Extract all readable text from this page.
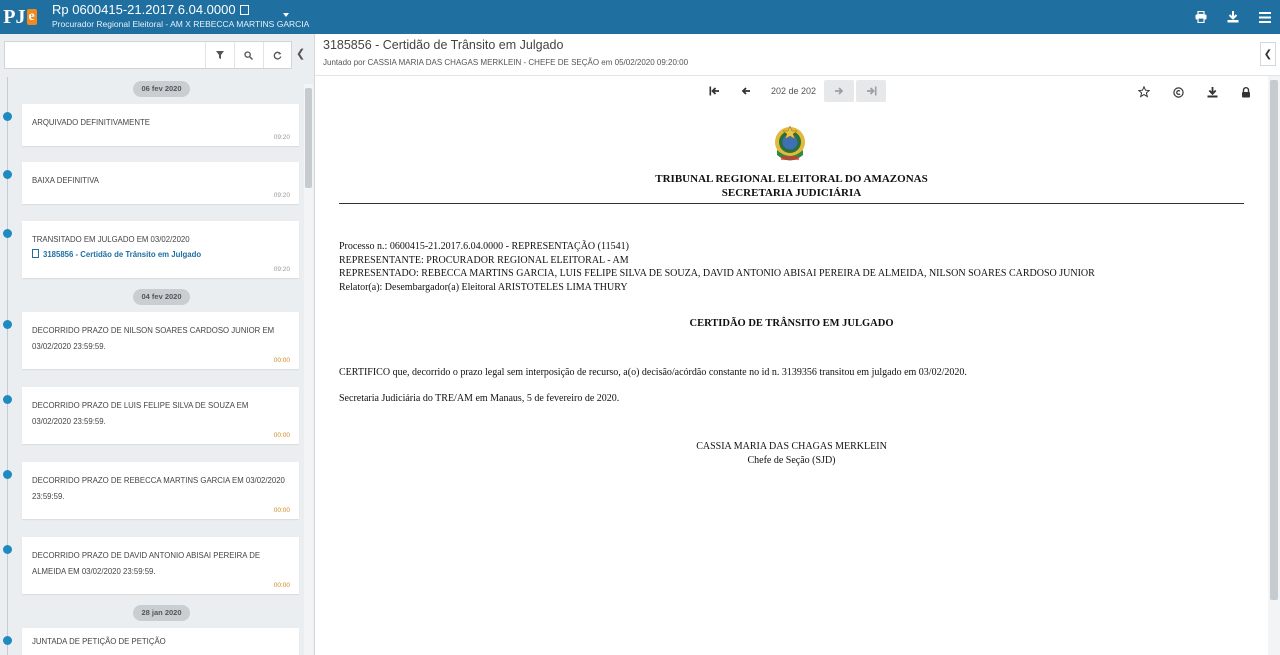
PJ e Rp 0600415-21.2017.6.04.0000
Procurador Regional Eleitoral - AM X REBECCA MARTINS GARCIA
❮
06 fev 2020
ARQUIVADO DEFINITIVAMENTE
09:20
BAIXA DEFINITIVA
09:20
TRANSITADO EM JULGADO EM 03/02/2020
3185856 - Certidão de Trânsito em Julgado
09:20
04 fev 2020
DECORRIDO PRAZO DE NILSON SOARES CARDOSO JUNIOR EM 03/02/2020 23:59:59.
00:00
DECORRIDO PRAZO DE LUIS FELIPE SILVA DE SOUZA EM 03/02/2020 23:59:59.
00:00
DECORRIDO PRAZO DE REBECCA MARTINS GARCIA EM 03/02/2020 23:59:59.
00:00
DECORRIDO PRAZO DE DAVID ANTONIO ABISAI PEREIRA DE ALMEIDA EM 03/02/2020 23:59:59.
00:00
28 jan 2020
JUNTADA DE PETIÇÃO DE PETIÇÃO
3185856 - Certidão de Trânsito em Julgado
Juntado por CASSIA MARIA DAS CHAGAS MERKLEIN - CHEFE DE SEÇÃO em 05/02/2020 09:20:00
❮
202 de 202
TRIBUNAL REGIONAL ELEITORAL DO AMAZONAS
SECRETARIA JUDICIÁRIA
Processo n.: 0600415-21.2017.6.04.0000 - REPRESENTAÇÃO (11541)
REPRESENTANTE: PROCURADOR REGIONAL ELEITORAL - AM
REPRESENTADO: REBECCA MARTINS GARCIA, LUIS FELIPE SILVA DE SOUZA, DAVID ANTONIO ABISAI PEREIRA DE ALMEIDA, NILSON SOARES CARDOSO JUNIOR
Relator(a): Desembargador(a) Eleitoral ARISTOTELES LIMA THURY
CERTIDÃO DE TRÂNSITO EM JULGADO
CERTIFICO que, decorrido o prazo legal sem interposição de recurso, a(o) decisão/acórdão constante no id n. 3139356 transitou em julgado em 03/02/2020.
Secretaria Judiciária do TRE/AM em Manaus, 5 de fevereiro de 2020.
CASSIA MARIA DAS CHAGAS MERKLEIN
Chefe de Seção (SJD)
